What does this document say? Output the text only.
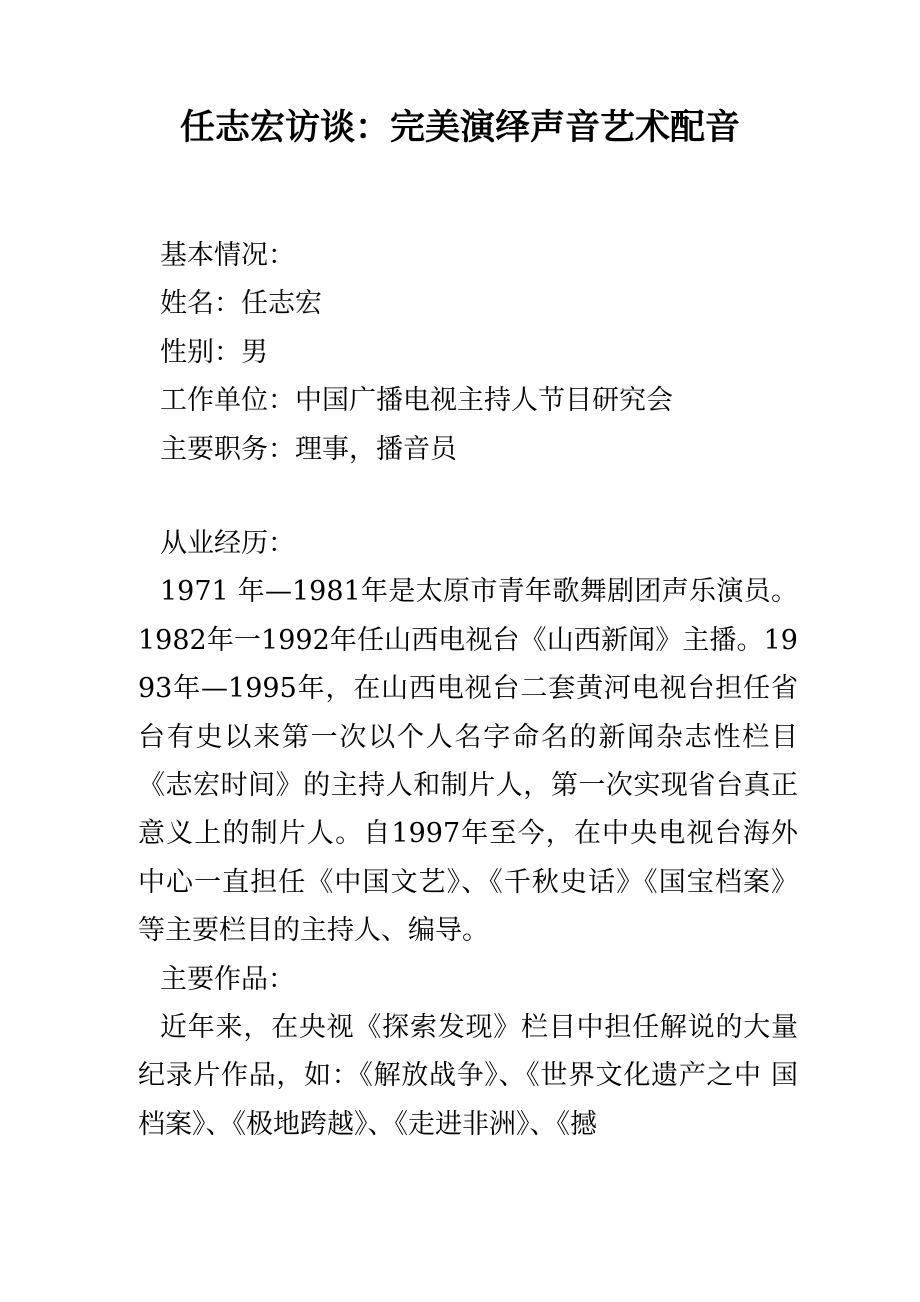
任志宏访谈：完美演绎声音艺术配音
基本情况：
姓名：任志宏
性别：男
工作单位：中国广播电视主持人节目研究会
主要职务：理事，播音员
从业经历：

1971 年—1981年是太原市青年歌舞剧团声乐演员。1982年一1992年任山西电视台《山西新闻》主播。1993年—1995年，在山西电视台二套黄河电视台担任省台有史以来第一次以个人名字命名的新闻杂志性栏目《志宏时间》的主持人和制片人，第一次实现省台真正意义上的制片人。自1997年至今，在中央电视台海外中心一直担任《中国文艺》、《千秋史话》《国宝档案》 等主要栏目的主持人、编导。

主要作品：

近年来，在央视《探索发现》栏目中担任解说的大量纪录片作品，如：《解放战争》、《世界文化遗产之中 国档案》、《极地跨越》、《走进非洲》、《撼
